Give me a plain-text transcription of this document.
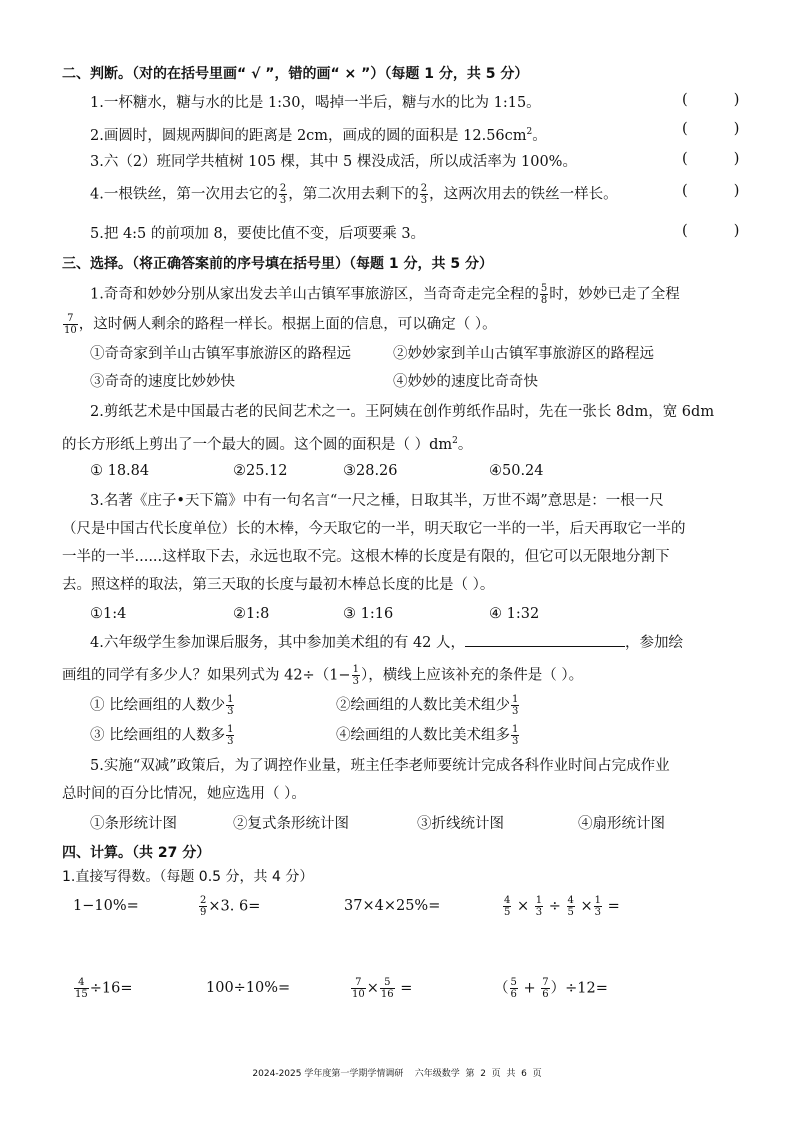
二、判断。（对的在括号里画“ √ ”，错的画“ × ”）（每题 1 分，共 5 分）
1.一杯糖水，糖与水的比是 1:30，喝掉一半后，糖与水的比为 1:15。	(          )
2.画圆时，圆规两脚间的距离是 2cm，画成的圆的面积是 $12.56cm^2$。	(          )
3.六（2）班同学共植树 105 棵，其中 5 棵没成活，所以成活率为 100%。	(          )
4.一根铁丝，第一次用去它的 $\frac{2}{3}$ ，第二次用去剩下的 $\frac{2}{3}$ ，这两次用去的铁丝一样长。	(          )
5.把 4:5 的前项加 8，要使比值不变，后项要乘 3。	(          )
三、选择。（将正确答案前的序号填在括号里）（每题 1 分，共 5 分）
1.奇奇和妙妙分别从家出发去羊山古镇军事旅游区，当奇奇走完全程的 $\frac{5}{8}$ 时，妙妙已走了全程
$\frac{7}{10}$ ，这时俩人剩余的路程一样长。根据上面的信息，可以确定（ ）。
①奇奇家到羊山古镇军事旅游区的路程远	②妙妙家到羊山古镇军事旅游区的路程远
③奇奇的速度比妙妙快	④妙妙的速度比奇奇快
2.剪纸艺术是中国最古老的民间艺术之一。王阿姨在创作剪纸作品时，先在一张长 8dm，宽 6dm
的长方形纸上剪出了一个最大的圆。这个圆的面积是（ ）$dm^2$。
① 18.84	②25.12	③28.26	④50.24
3.名著《庄子•天下篇》中有一句名言“一尺之棰，日取其半，万世不竭”意思是：一根一尺
（尺是中国古代长度单位）长的木棒，今天取它的一半，明天取它一半的一半，后天再取它一半的
一半的一半......这样取下去，永远也取不完。这根木棒的长度是有限的，但它可以无限地分割下
去。照这样的取法，第三天取的长度与最初木棒总长度的比是（ ）。
①1:4	②1:8	③ 1:16	④ 1:32
4.六年级学生参加课后服务，其中参加美术组的有 42 人，	，参加绘
画组的同学有多少人？如果列式为 $42\div(1- \frac{1}{3}$ ），横线上应该补充的条件是（ ）。
① 比绘画组的人数少 $\frac{1}{3}$	②绘画组的人数比美术组少 $\frac{1}{3}$
③ 比绘画组的人数多 $\frac{1}{3}$	④绘画组的人数比美术组多 $\frac{1}{3}$
5.实施“双减”政策后，为了调控作业量，班主任李老师要统计完成各科作业时间占完成作业
总时间的百分比情况，她应选用（ ）。
①条形统计图	②复式条形统计图	③折线统计图	④扇形统计图
四、计算。（共 27 分）
1.直接写得数。（每题 0.5 分，共 4 分）
1−10%=	$\frac{2}{9} \times 3$. 6=	37×4×25%=	$\frac{4}{5} \times \frac{1}{3} \div \frac{4}{5} \times \frac{1}{3}$ =
$\frac{4}{15} \div 16=$	100÷10%=	$\frac{7}{10} \times \frac{5}{16}$ =	（ $\frac{5}{6} + \frac{7}{6} )\div 12=$
2024-2025 学年度第一学期学情调研    六年级数学  第  2  页  共  6  页
